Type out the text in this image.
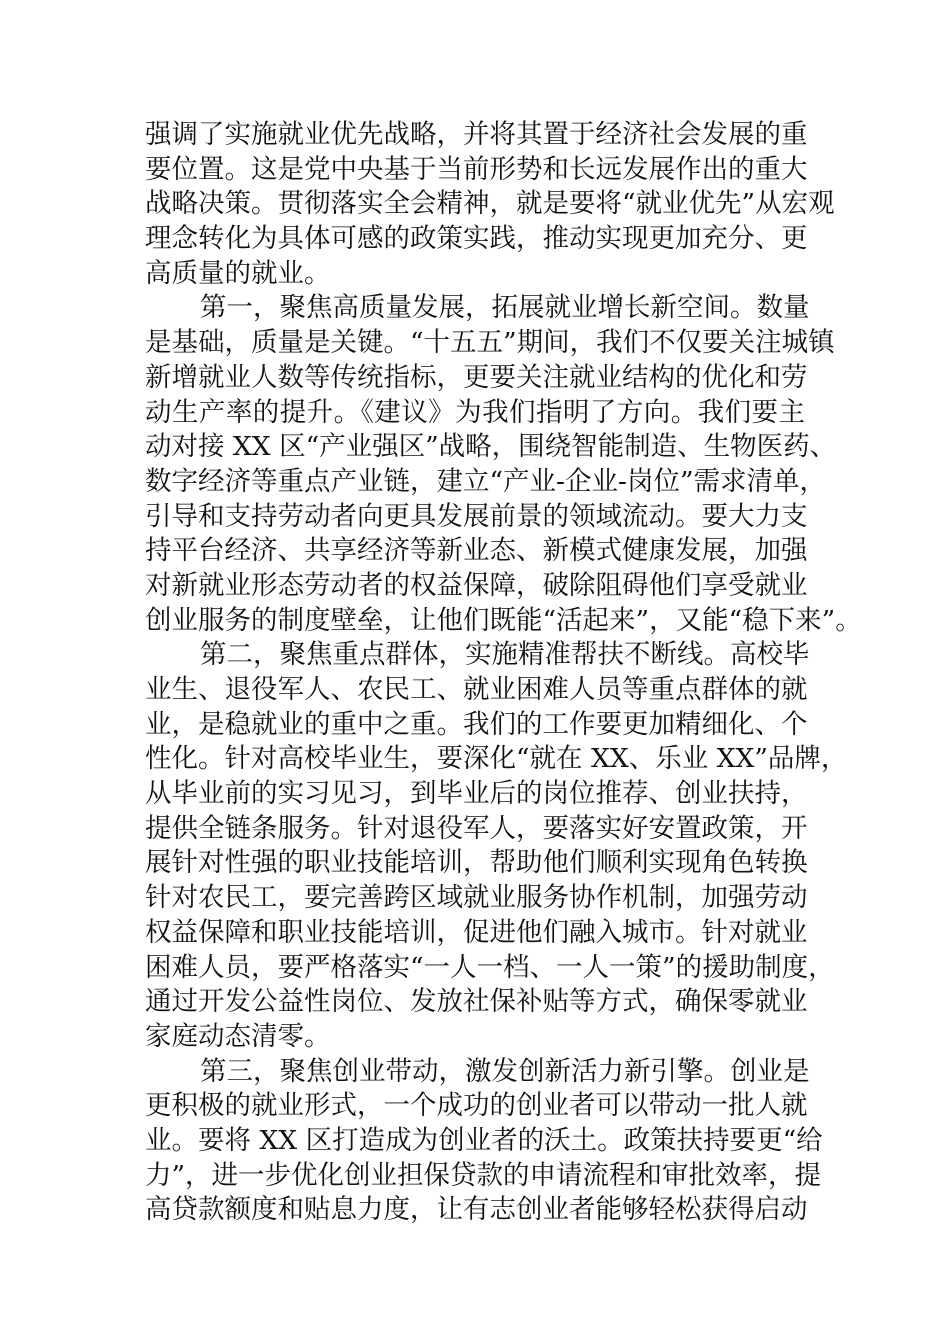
强调了实施就业优先战略，并将其置于经济社会发展的重
要位置。这是党中央基于当前形势和长远发展作出的重大
战略决策。贯彻落实全会精神，就是要将“就业优先”从宏观
理念转化为具体可感的政策实践，推动实现更加充分、更
高质量的就业。
第一，聚焦高质量发展，拓展就业增长新空间。数量
是基础，质量是关键。“十五五”期间，我们不仅要关注城镇
新增就业人数等传统指标，更要关注就业结构的优化和劳
动生产率的提升。《建议》为我们指明了方向。我们要主
动对接 XX 区“产业强区”战略，围绕智能制造、生物医药、
数字经济等重点产业链，建立“产业-企业-岗位”需求清单，
引导和支持劳动者向更具发展前景的领域流动。要大力支
持平台经济、共享经济等新业态、新模式健康发展，加强
对新就业形态劳动者的权益保障，破除阻碍他们享受就业
创业服务的制度壁垒，让他们既能“活起来”，又能“稳下来”。
第二，聚焦重点群体，实施精准帮扶不断线。高校毕
业生、退役军人、农民工、就业困难人员等重点群体的就
业，是稳就业的重中之重。我们的工作要更加精细化、个
性化。针对高校毕业生，要深化“就在 XX、乐业 XX”品牌，
从毕业前的实习见习，到毕业后的岗位推荐、创业扶持，
提供全链条服务。针对退役军人，要落实好安置政策，开
展针对性强的职业技能培训，帮助他们顺利实现角色转换
针对农民工，要完善跨区域就业服务协作机制，加强劳动
权益保障和职业技能培训，促进他们融入城市。针对就业
困难人员，要严格落实“一人一档、一人一策”的援助制度，
通过开发公益性岗位、发放社保补贴等方式，确保零就业
家庭动态清零。
第三，聚焦创业带动，激发创新活力新引擎。创业是
更积极的就业形式，一个成功的创业者可以带动一批人就
业。要将 XX 区打造成为创业者的沃土。政策扶持要更“给
力”，进一步优化创业担保贷款的申请流程和审批效率，提
高贷款额度和贴息力度，让有志创业者能够轻松获得启动
